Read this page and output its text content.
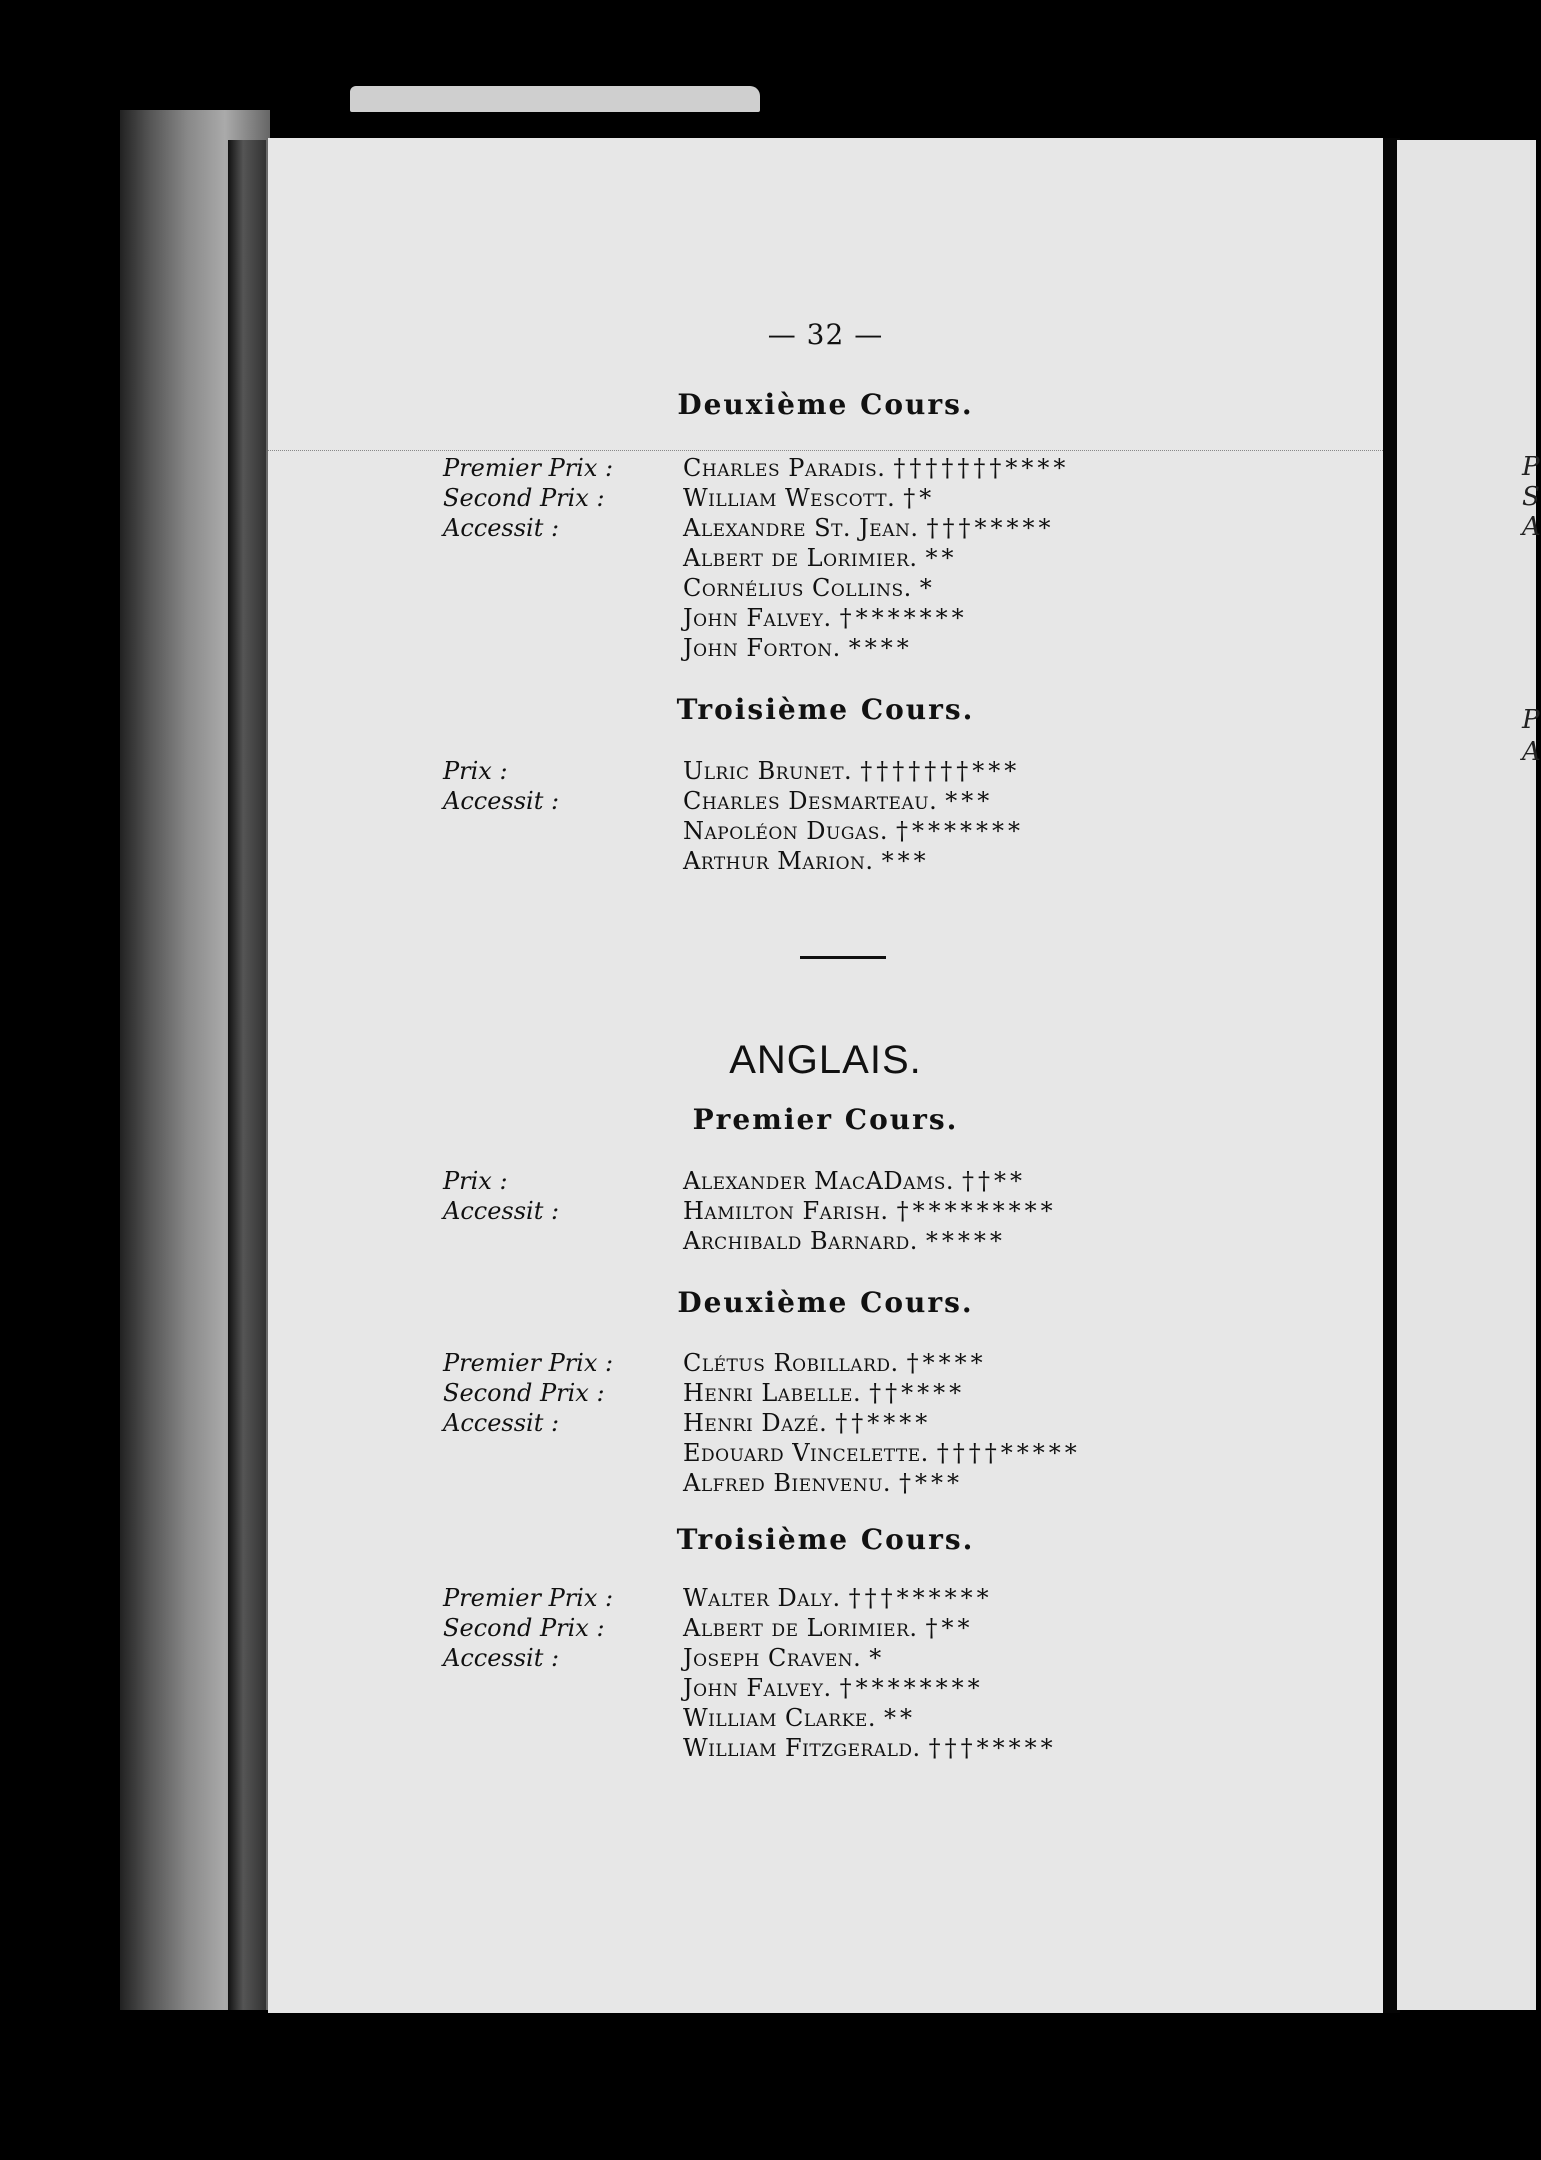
P
S
A
P
A
— 32 —
Deuxième Cours.
Premier Prix :	Charles Paradis. †††††††****
Second Prix :	William Wescott. †*
Accessit :	Alexandre St. Jean. †††*****
Albert de Lorimier. **
Cornélius Collins. *
John Falvey. †*******
John Forton. ****
Troisième Cours.
Prix :	Ulric Brunet. †††††††***
Accessit :	Charles Desmarteau. ***
Napoléon Dugas. †*******
Arthur Marion. ***
ANGLAIS.
Premier Cours.
Prix :	Alexander MacADams. ††**
Accessit :	Hamilton Farish. †*********
Archibald Barnard. *****
Deuxième Cours.
Premier Prix :	Clétus Robillard. †****
Second Prix :	Henri Labelle. ††****
Accessit :	Henri Dazé. ††****
Edouard Vincelette. ††††*****
Alfred Bienvenu. †***
Troisième Cours.
Premier Prix :	Walter Daly. †††******
Second Prix :	Albert de Lorimier. †**
Accessit :	Joseph Craven. *
John Falvey. †********
William Clarke. **
William Fitzgerald. †††*****
